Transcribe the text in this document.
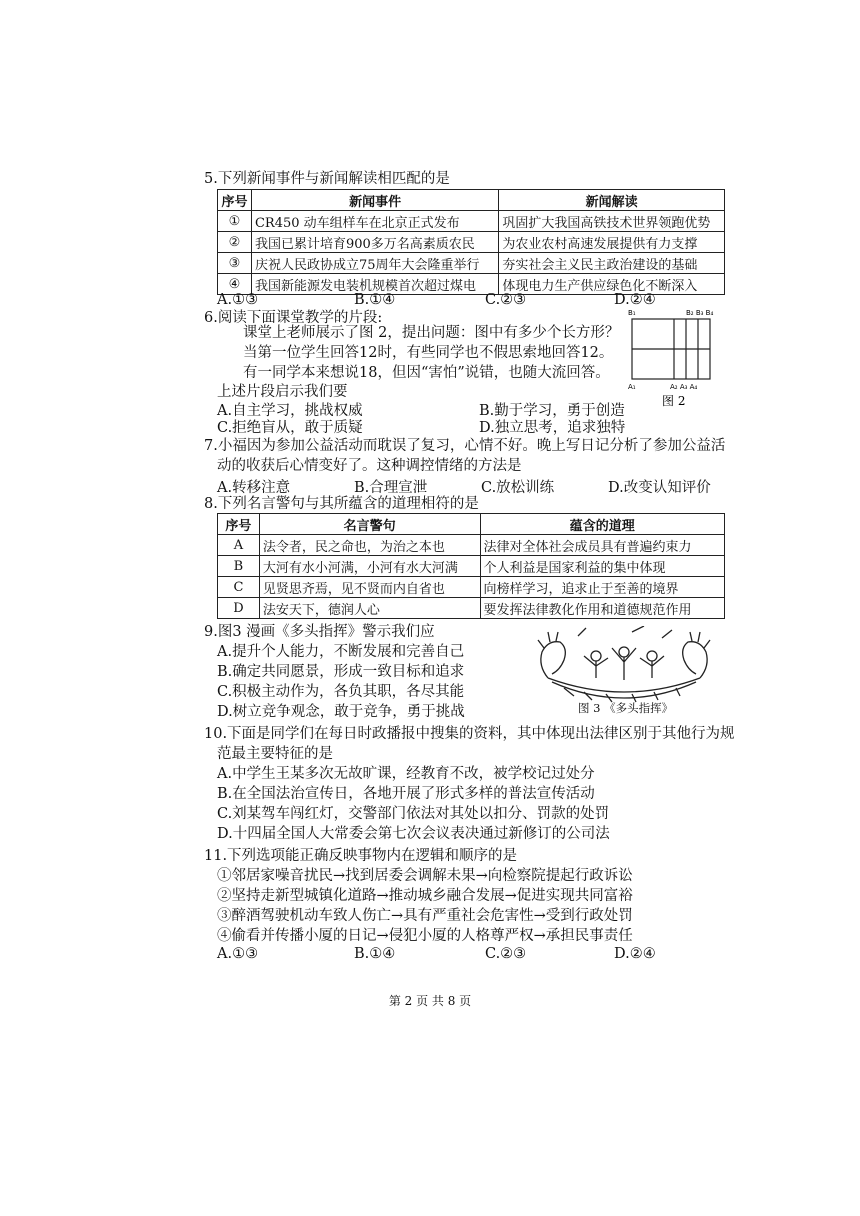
5.下列新闻事件与新闻解读相匹配的是
序号	新闻事件	新闻解读
①	CR450 动车组样车在北京正式发布	巩固扩大我国高铁技术世界领跑优势
②	我国已累计培育900多万名高素质农民	为农业农村高速发展提供有力支撑
③	庆祝人民政协成立75周年大会隆重举行	夯实社会主义民主政治建设的基础
④	我国新能源发电装机规模首次超过煤电	体现电力生产供应绿色化不断深入
A.①③	B.①④	C.②③	D.②④
6.阅读下面课堂教学的片段:
课堂上老师展示了图 2，提出问题：图中有多少个长方形？
当第一位学生回答12时，有些同学也不假思索地回答12。
有一同学本来想说18，但因“害怕”说错，也随大流回答。
上述片段启示我们要
A.自主学习，挑战权威	B.勤于学习，勇于创造
C.拒绝盲从，敢于质疑	D.独立思考，追求独特
B₁	B₂ B₃ B₄
A₁	A₂ A₃ A₄
图 2
7.小福因为参加公益活动而耽误了复习，心情不好。晚上写日记分析了参加公益活
动的收获后心情变好了。这种调控情绪的方法是
A.转移注意	B.合理宣泄	C.放松训练	D.改变认知评价
8.下列名言警句与其所蕴含的道理相符的是
序号	名言警句	蕴含的道理
A	法令者，民之命也，为治之本也	法律对全体社会成员具有普遍约束力
B	大河有水小河满，小河有水大河满	个人利益是国家利益的集中体现
C	见贤思齐焉，见不贤而内自省也	向榜样学习，追求止于至善的境界
D	法安天下，德润人心	要发挥法律教化作用和道德规范作用
9.图3 漫画《多头指挥》警示我们应
A.提升个人能力，不断发展和完善自己
B.确定共同愿景，形成一致目标和追求
C.积极主动作为，各负其职，各尽其能
D.树立竞争观念，敢于竞争，勇于挑战	图 3 《多头指挥》
10.下面是同学们在每日时政播报中搜集的资料，其中体现出法律区别于其他行为规
范最主要特征的是
A.中学生王某多次无故旷课，经教育不改，被学校记过处分
B.在全国法治宣传日，各地开展了形式多样的普法宣传活动
C.刘某驾车闯红灯，交警部门依法对其处以扣分、罚款的处罚
D.十四届全国人大常委会第七次会议表决通过新修订的公司法
11.下列选项能正确反映事物内在逻辑和顺序的是
①邻居家噪音扰民→找到居委会调解未果→向检察院提起行政诉讼
②坚持走新型城镇化道路→推动城乡融合发展→促进实现共同富裕
③醉酒驾驶机动车致人伤亡→具有严重社会危害性→受到行政处罚
④偷看并传播小厦的日记→侵犯小厦的人格尊严权→承担民事责任
A.①③	B.①④	C.②③	D.②④
第 2 页 共 8 页
